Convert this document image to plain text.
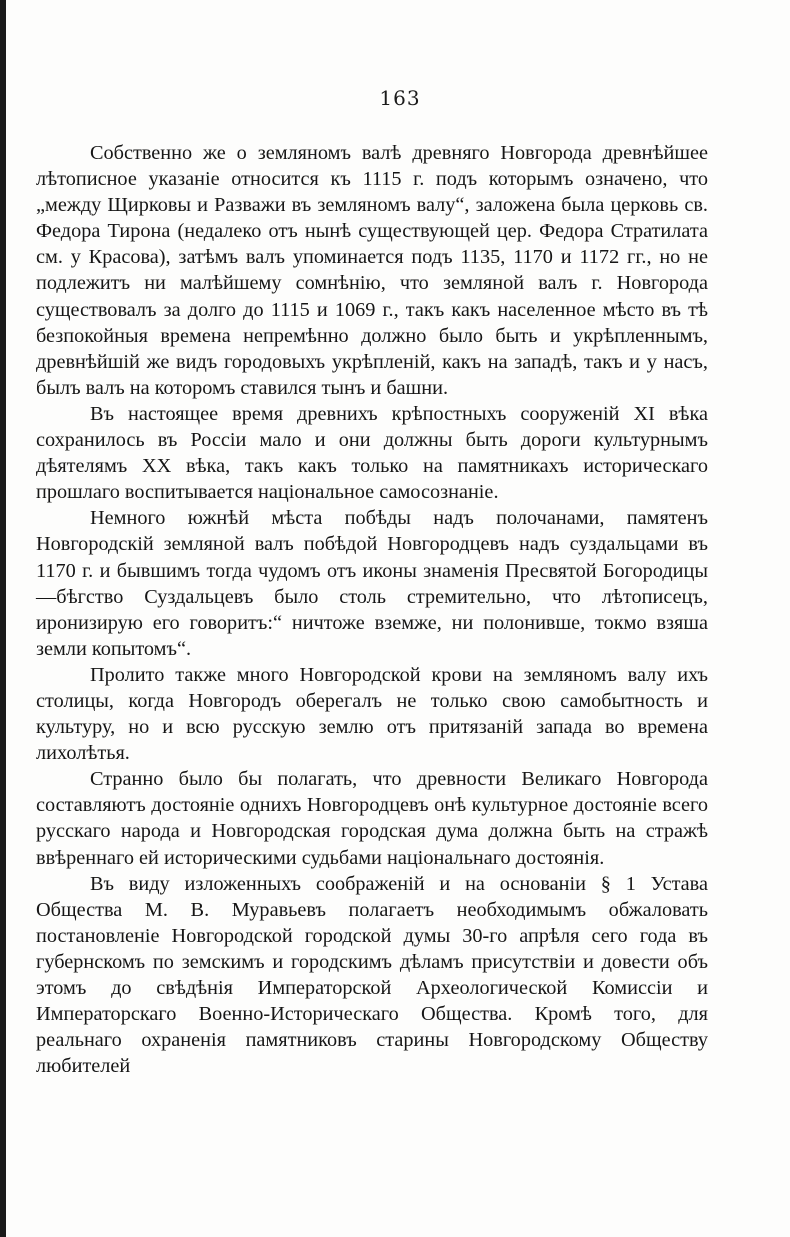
163

Собственно же о земляномъ валѣ древняго Новгорода древнѣйшее лѣтописное указаніе относится къ 1115 г. подъ которымъ означено, что „между Щирковы и Разважи въ земляномъ валу“, заложена была церковь св. Федора Тирона (недалеко отъ нынѣ существующей цер. Федора Стратилата см. у Красова), затѣмъ валъ упоминается подъ 1135, 1170 и 1172 гг., но не подлежитъ ни малѣйшему сомнѣнію, что земляной валъ г. Новгорода существовалъ за долго до 1115 и 1069 г., такъ какъ населенное мѣсто въ тѣ безпокойныя времена непремѣнно должно было быть и укрѣпленнымъ, древнѣйшій же видъ городовыхъ укрѣпленій, какъ на западѣ, такъ и у насъ, былъ валъ на которомъ ставился тынъ и башни.

Въ настоящее время древнихъ крѣпостныхъ сооруженій XI вѣка сохранилось въ Россіи мало и они должны быть дороги культурнымъ дѣятелямъ XX вѣка, такъ какъ только на памятникахъ историческаго прошлаго воспитывается національное самосознаніе.

Немного южнѣй мѣста побѣды надъ полочанами, памятенъ Новгородскій земляной валъ побѣдой Новгородцевъ надъ суздальцами въ 1170 г. и бывшимъ тогда чудомъ отъ иконы знаменія Пресвятой Богородицы—бѣгство Суздальцевъ было столь стремительно, что лѣтописецъ, иронизирую его говоритъ:“ ничтоже вземже, ни полонивше, токмо взяша земли копытомъ“.

Пролито также много Новгородской крови на земляномъ валу ихъ столицы, когда Новгородъ оберегалъ не только свою самобытность и культуру, но и всю русскую землю отъ притязаній запада во времена лихолѣтья.

Странно было бы полагать, что древности Великаго Новгорода составляютъ достояніе однихъ Новгородцевъ онѣ культурное достояніе всего русскаго народа и Новгородская городская дума должна быть на стражѣ ввѣреннаго ей историческими судьбами національнаго достоянія.

Въ виду изложенныхъ соображеній и на основаніи § 1 Устава Общества М. В. Муравьевъ полагаетъ необходимымъ обжаловать постановленіе Новгородской городской думы 30-го апрѣля сего года въ губернскомъ по земскимъ и городскимъ дѣламъ присутствіи и довести объ этомъ до свѣдѣнія Императорской Археологической Комиссіи и Императорскаго Военно-Историческаго Общества. Кромѣ того, для реальнаго охраненія памятниковъ старины Новгородскому Обществу любителей
